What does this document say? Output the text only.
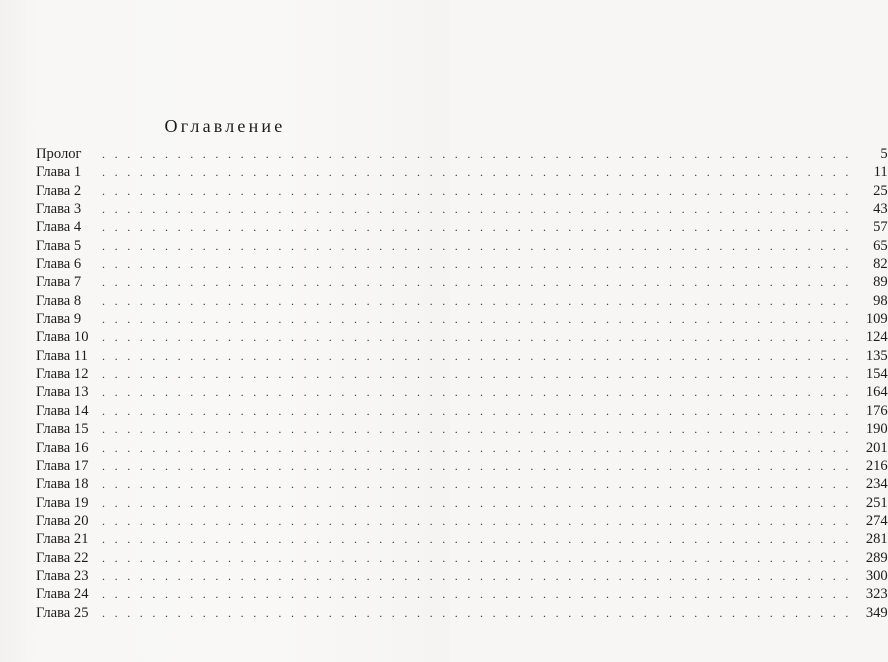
Оглавление
Пролог	. . . . . . . . . . . . . . . . . . . . . . . . . . . . . . . . . . . . . . . . . . . . . . . . . . . . . . . . . . . .	5
Глава 1	. . . . . . . . . . . . . . . . . . . . . . . . . . . . . . . . . . . . . . . . . . . . . . . . . . . . . . . . . . . .	11
Глава 2	. . . . . . . . . . . . . . . . . . . . . . . . . . . . . . . . . . . . . . . . . . . . . . . . . . . . . . . . . . . .	25
Глава 3	. . . . . . . . . . . . . . . . . . . . . . . . . . . . . . . . . . . . . . . . . . . . . . . . . . . . . . . . . . . .	43
Глава 4	. . . . . . . . . . . . . . . . . . . . . . . . . . . . . . . . . . . . . . . . . . . . . . . . . . . . . . . . . . . .	57
Глава 5	. . . . . . . . . . . . . . . . . . . . . . . . . . . . . . . . . . . . . . . . . . . . . . . . . . . . . . . . . . . .	65
Глава 6	. . . . . . . . . . . . . . . . . . . . . . . . . . . . . . . . . . . . . . . . . . . . . . . . . . . . . . . . . . . .	82
Глава 7	. . . . . . . . . . . . . . . . . . . . . . . . . . . . . . . . . . . . . . . . . . . . . . . . . . . . . . . . . . . .	89
Глава 8	. . . . . . . . . . . . . . . . . . . . . . . . . . . . . . . . . . . . . . . . . . . . . . . . . . . . . . . . . . . .	98
Глава 9	. . . . . . . . . . . . . . . . . . . . . . . . . . . . . . . . . . . . . . . . . . . . . . . . . . . . . . . . . . . . 109
Глава 10	. . . . . . . . . . . . . . . . . . . . . . . . . . . . . . . . . . . . . . . . . . . . . . . . . . . . . . . . . . . . 124
Глава 11	. . . . . . . . . . . . . . . . . . . . . . . . . . . . . . . . . . . . . . . . . . . . . . . . . . . . . . . . . . . . 135
Глава 12	. . . . . . . . . . . . . . . . . . . . . . . . . . . . . . . . . . . . . . . . . . . . . . . . . . . . . . . . . . . . 154
Глава 13	. . . . . . . . . . . . . . . . . . . . . . . . . . . . . . . . . . . . . . . . . . . . . . . . . . . . . . . . . . . . 164
Глава 14	. . . . . . . . . . . . . . . . . . . . . . . . . . . . . . . . . . . . . . . . . . . . . . . . . . . . . . . . . . . . 176
Глава 15	. . . . . . . . . . . . . . . . . . . . . . . . . . . . . . . . . . . . . . . . . . . . . . . . . . . . . . . . . . . . 190
Глава 16	. . . . . . . . . . . . . . . . . . . . . . . . . . . . . . . . . . . . . . . . . . . . . . . . . . . . . . . . . . . . 201
Глава 17	. . . . . . . . . . . . . . . . . . . . . . . . . . . . . . . . . . . . . . . . . . . . . . . . . . . . . . . . . . . . 216
Глава 18	. . . . . . . . . . . . . . . . . . . . . . . . . . . . . . . . . . . . . . . . . . . . . . . . . . . . . . . . . . . . 234
Глава 19	. . . . . . . . . . . . . . . . . . . . . . . . . . . . . . . . . . . . . . . . . . . . . . . . . . . . . . . . . . . . 251
Глава 20	. . . . . . . . . . . . . . . . . . . . . . . . . . . . . . . . . . . . . . . . . . . . . . . . . . . . . . . . . . . . 274
Глава 21	. . . . . . . . . . . . . . . . . . . . . . . . . . . . . . . . . . . . . . . . . . . . . . . . . . . . . . . . . . . . 281
Глава 22	. . . . . . . . . . . . . . . . . . . . . . . . . . . . . . . . . . . . . . . . . . . . . . . . . . . . . . . . . . . . 289
Глава 23	. . . . . . . . . . . . . . . . . . . . . . . . . . . . . . . . . . . . . . . . . . . . . . . . . . . . . . . . . . . . 300
Глава 24	. . . . . . . . . . . . . . . . . . . . . . . . . . . . . . . . . . . . . . . . . . . . . . . . . . . . . . . . . . . . 323
Глава 25	. . . . . . . . . . . . . . . . . . . . . . . . . . . . . . . . . . . . . . . . . . . . . . . . . . . . . . . . . . . . 349
